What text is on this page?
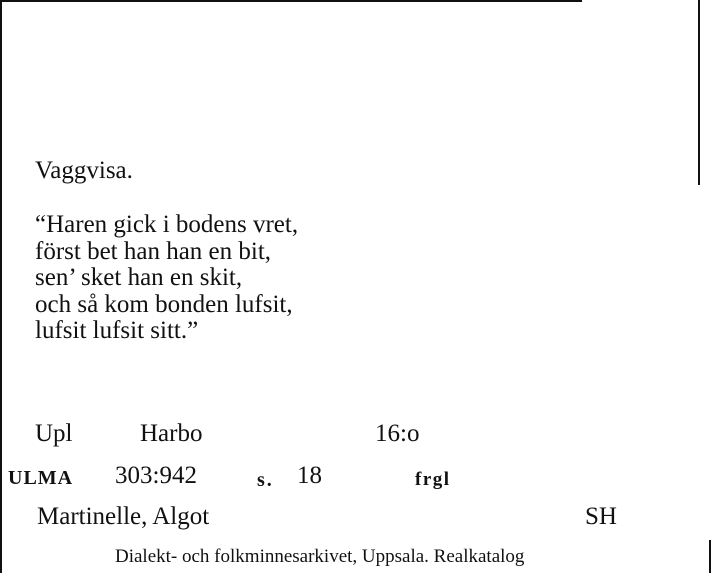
Vaggvisa.
“Haren gick i bodens vret,
först bet han han en bit,
sen’ sket han en skit,
och så kom bonden lufsit,
lufsit lufsit sitt.”
Upl	Harbo	16:o
ULMA 303:942	s. 18	frgl
Martinelle, Algot	SH
Dialekt- och folkminnesarkivet, Uppsala. Realkatalog
